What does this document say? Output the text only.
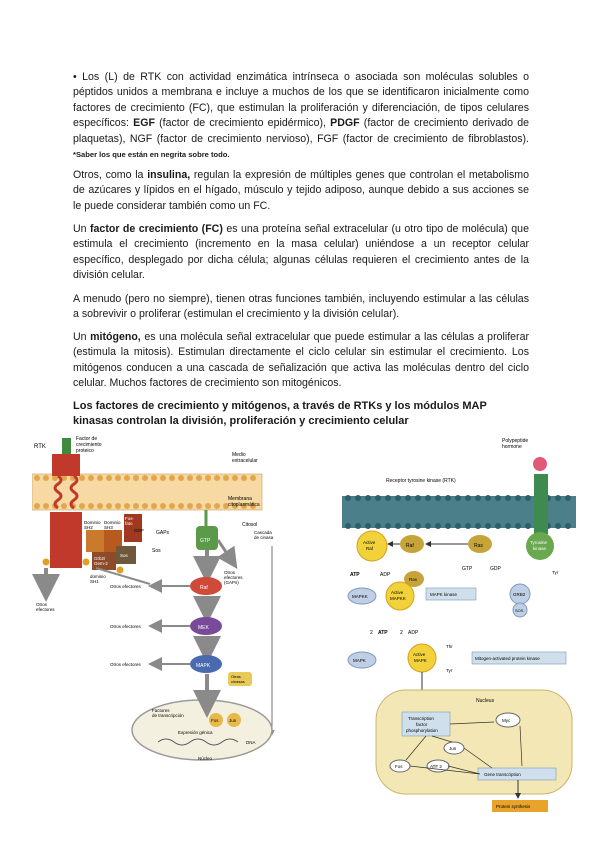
• Los (L) de RTK con actividad enzimática intrínseca o asociada son moléculas solubles o péptidos unidos a membrana e incluye a muchos de los que se identificaron inicialmente como factores de crecimiento (FC), que estimulan la proliferación y diferenciación, de tipos celulares específicos: EGF (factor de crecimiento epidérmico), PDGF (factor de crecimiento derivado de plaquetas), NGF (factor de crecimiento nervioso), FGF (factor de crecimiento de fibroblastos). *Saber los que están en negrita sobre todo.

Otros, como la insulina, regulan la expresión de múltiples genes que controlan el metabolismo de azúcares y lípidos en el hígado, músculo y tejido adiposo, aunque debido a sus acciones se le puede considerar también como un FC.

Un factor de crecimiento (FC) es una proteína señal extracelular (u otro tipo de molécula) que estimula el crecimiento (incremento en la masa celular) uniéndose a un receptor celular específico, desplegado por dicha célula; algunas células requieren el crecimiento antes de la división celular.

A menudo (pero no siempre), tienen otras funciones también, incluyendo estimular a las células a sobrevivir o proliferar (estimulan el crecimiento y la división celular).

Un mitógeno, es una molécula señal extracelular que puede estimular a las células a proliferar (estimula la mitosis). Estimulan directamente el ciclo celular sin estimular el crecimiento. Los mitógenos conducen a una cascada de señalización que activa las moléculas dentro del ciclo celular. Muchos factores de crecimiento son mitogénicos.

Los factores de crecimiento y mitógenos, a través de RTKs y los módulos MAP kinasas controlan la división, proliferación y crecimiento celular

RTK
Factor de crecimiento proteico
Medio extracelular
Membrana citoplasmática
Citosol
Dominio SH2
Dominio SH3
Fos-fato
Grb2/ Gem-2
Sos
dominio SH1
GAPs
Sos
GDP
GTP
Otros efectores
Otros efectores (GAPs)
Cascada de cinasa
Raf
MEK
MAPK
Otros efectores
Otros efectores
Otros efectores
Otras cinasas
Factores de transcripción
Fos Jun
Expresión génica
DNA
Núcleo
Polypeptide hormone
Receptor tyrosine kinase (RTK)
Active Raf	Raf	Ras
Tyrosine kinase
GTP	GDP
Ras
Tyr
GRB2
SOS
ATP	ADP
MAPKK
Active MAPKK
MAPK kinase
2 ATP 2 ADP
MAPK
Active MAPK
Thr
Tyr
Mitogen-activated protein kinase
Nucleus
Transcription factor phosphorylation
Myc
Jun
Fos	ATF 2
Gene transcription
Protein synthesis
